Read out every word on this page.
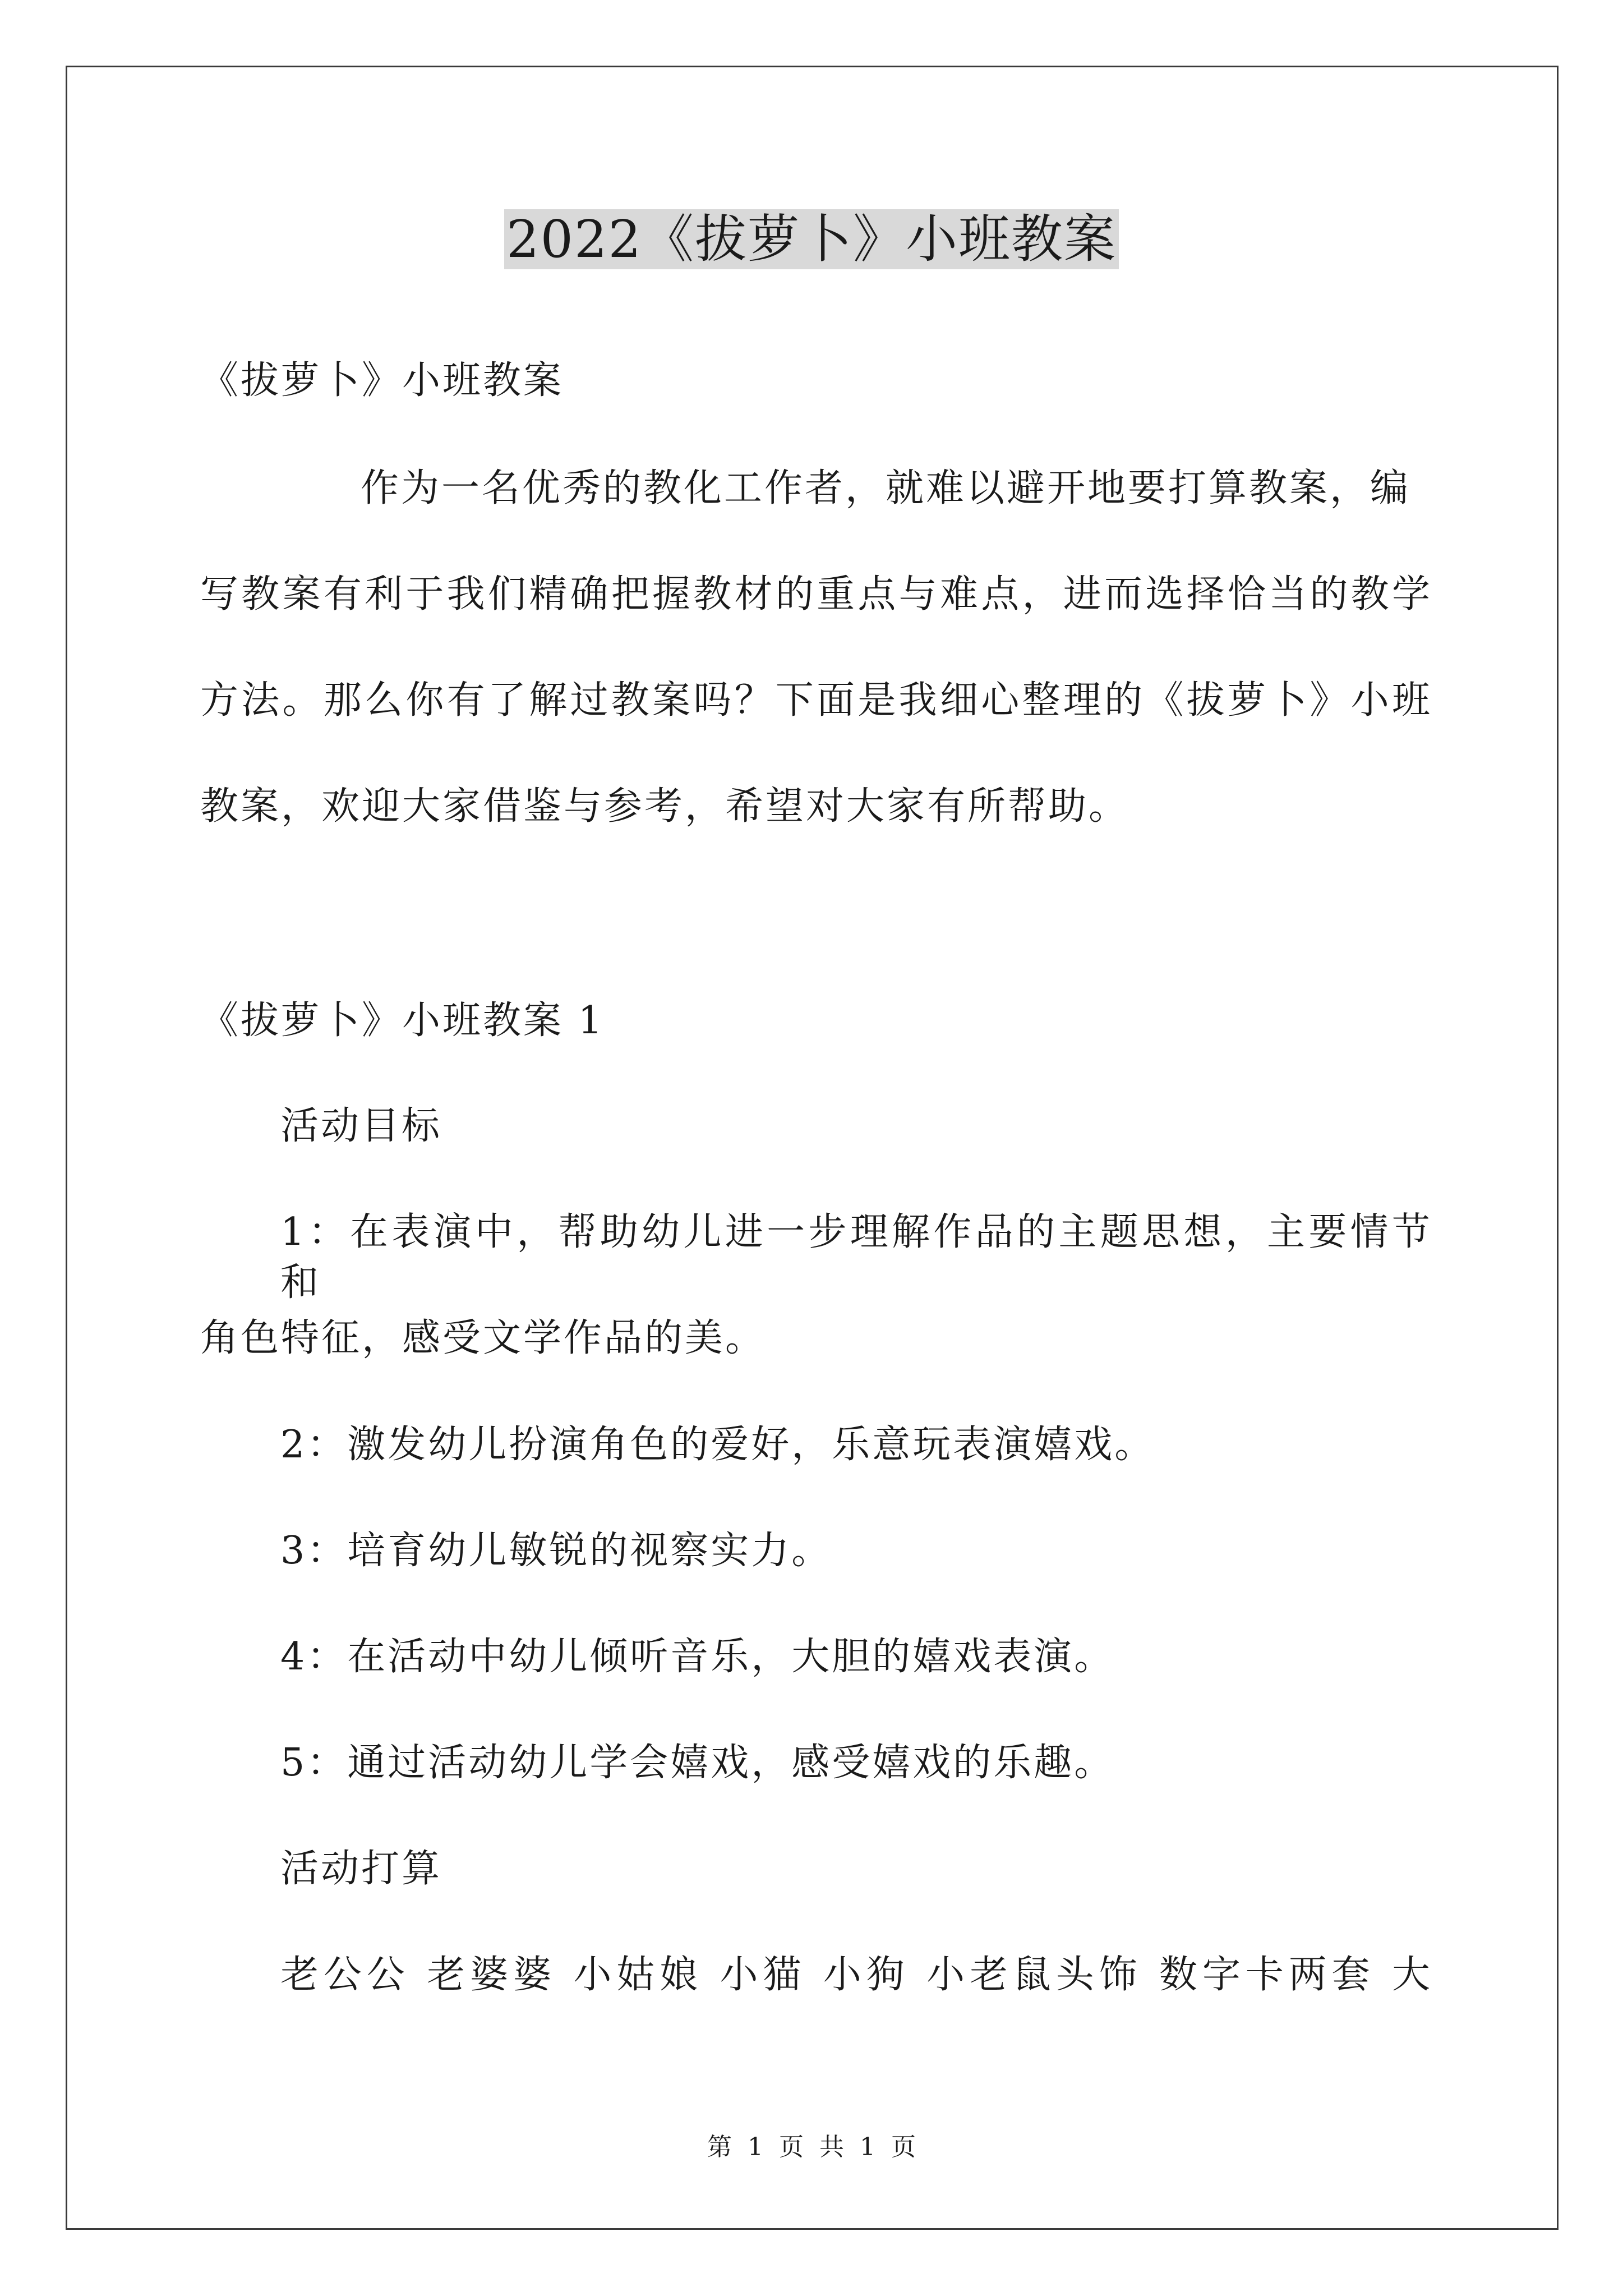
2022《拔萝卜》小班教案
《拔萝卜》小班教案
作为一名优秀的教化工作者，就难以避开地要打算教案，编
写教案有利于我们精确把握教材的重点与难点，进而选择恰当的教学
方法。那么你有了解过教案吗？下面是我细心整理的《拔萝卜》小班
教案，欢迎大家借鉴与参考，希望对大家有所帮助。
《拔萝卜》小班教案 1
活动目标
1：在表演中，帮助幼儿进一步理解作品的主题思想，主要情节和
角色特征，感受文学作品的美。
2：激发幼儿扮演角色的爱好，乐意玩表演嬉戏。
3：培育幼儿敏锐的视察实力。
4：在活动中幼儿倾听音乐，大胆的嬉戏表演。
5：通过活动幼儿学会嬉戏，感受嬉戏的乐趣。
活动打算
老公公 老婆婆 小姑娘 小猫 小狗 小老鼠头饰 数字卡两套 大
第 1 页 共 1 页
